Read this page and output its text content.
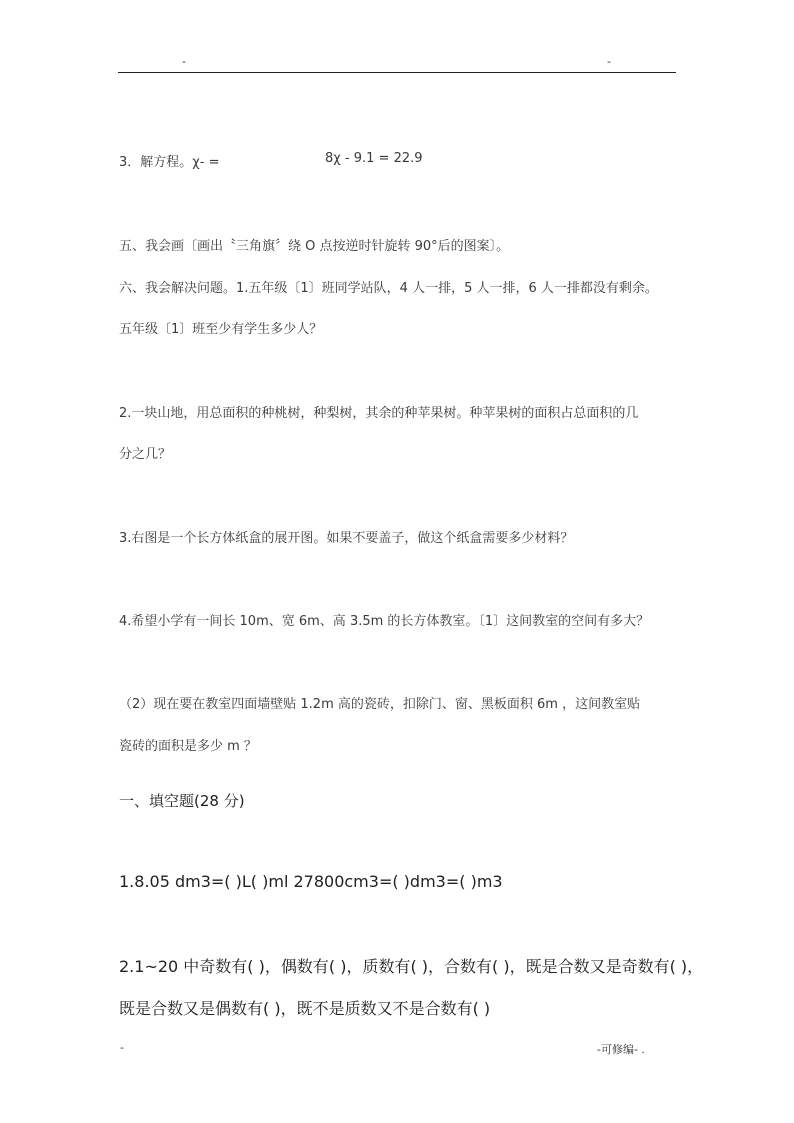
-	-
3．解方程。χ- =	8χ - 9.1 = 22.9
五、我会画〔画出〝三角旗〞绕 O 点按逆时针旋转 90°后的图案〕。
六、我会解决问题。1.五年级〔1〕班同学站队，4 人一排，5 人一排，6 人一排都没有剩余。
五年级〔1〕班至少有学生多少人？
2.一块山地，用总面积的种桃树，种梨树，其余的种苹果树。种苹果树的面积占总面积的几
分之几？
3.右图是一个长方体纸盒的展开图。如果不要盖子，做这个纸盒需要多少材料？
4.希望小学有一间长 10m、宽 6m、高 3.5m 的长方体教室。〔1〕这间教室的空间有多大？
（2）现在要在教室四面墙壁贴 1.2m 高的瓷砖，扣除门、窗、黑板面积 6m ，这间教室贴
瓷砖的面积是多少 m ？
一、填空题(28 分)
1.8.05 dm3=( )L( )ml 27800cm3=( )dm3=( )m3
2.1~20 中奇数有( )，偶数有( )，质数有( )，合数有( )，既是合数又是奇数有( )，
既是合数又是偶数有( )，既不是质数又不是合数有( )
-	-可修编- .
